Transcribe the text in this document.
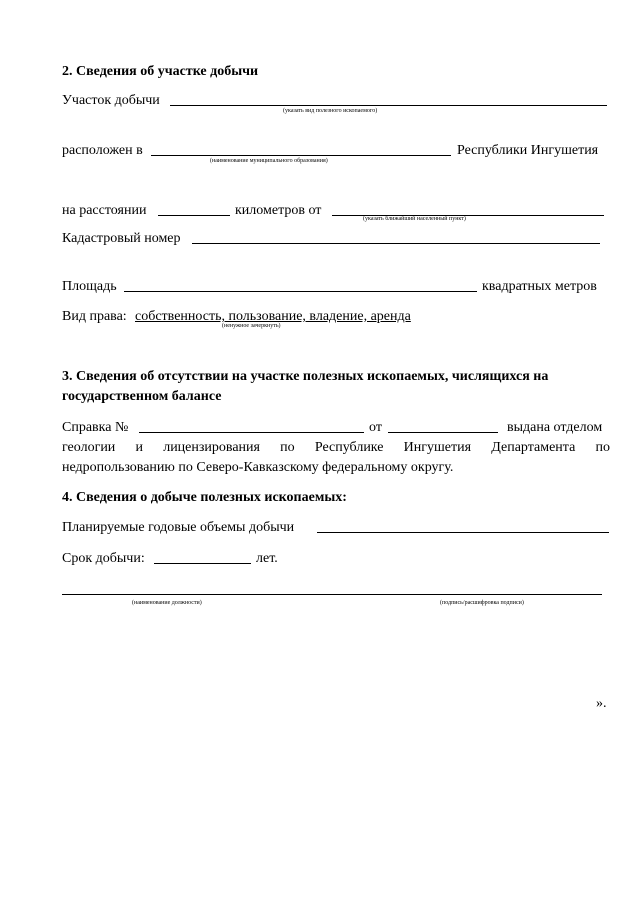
2. Сведения об участке добычи
Участок добычи
(указать вид полезного ископаемого)
расположен в	Республики Ингушетия
(наименование муниципального образования)
на расстоянии	километров от
(указать ближайший населенный пункт)
Кадастровый номер
Площадь	квадратных метров
Вид права: собственность, пользование, владение, аренда
(ненужное зачеркнуть)
3. Сведения об отсутствии на участке полезных ископаемых, числящихся на
государственном балансе
Справка №	от	выдана отделом
геологии и лицензирования по Республике Ингушетия Департамента по
недропользованию по Северо-Кавказскому федеральному округу.
4. Сведения о добыче полезных ископаемых:
Планируемые годовые объемы добычи
Срок добычи:	лет.
(наименование должности)	(подпись/расшифровка подписи)
».
